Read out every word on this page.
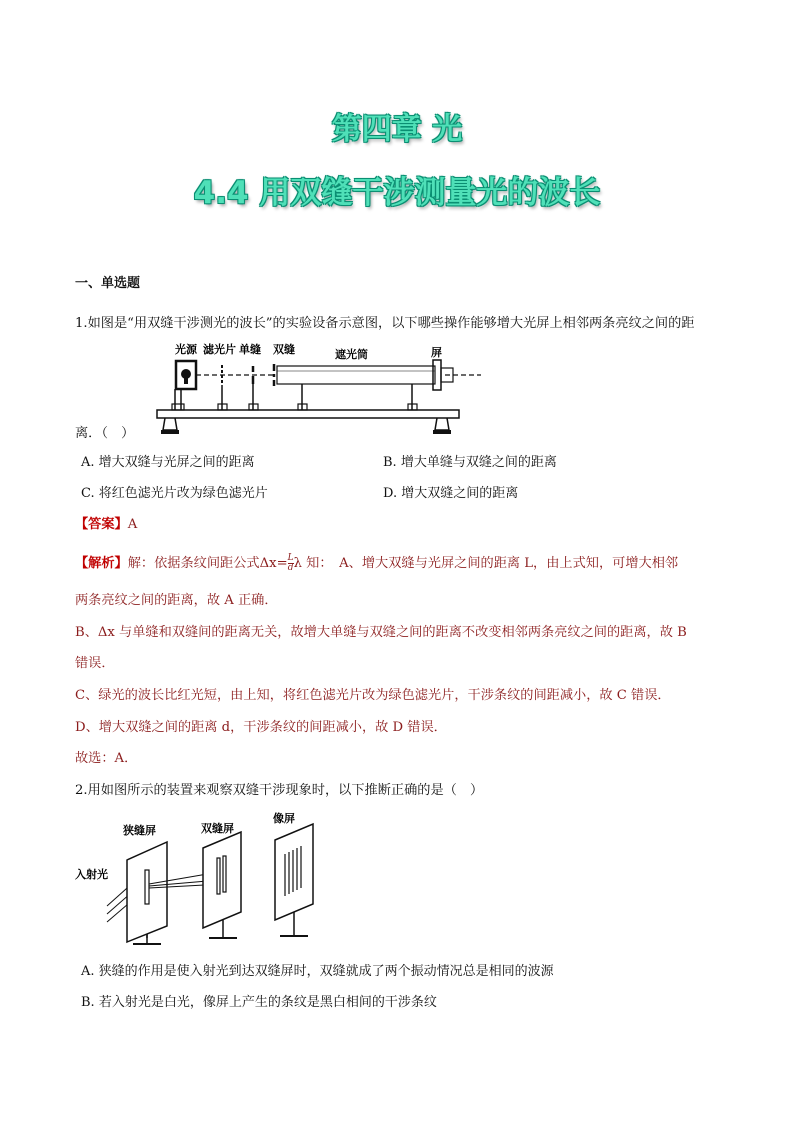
第四章 光
4.4 用双缝干涉测量光的波长
一、单选题
1.如图是“用双缝干涉测光的波长”的实验设备示意图，以下哪些操作能够增大光屏上相邻两条亮纹之间的距
光源 滤光片 单缝 双缝	遮光筒	屏
离．（　）
A. 增大双缝与光屏之间的距离	B. 增大单缝与双缝之间的距离
C. 将红色滤光片改为绿色滤光片	D. 增大双缝之间的距离
【答案】A
【解析】解：依据条纹间距公式$\Delta x= \frac{L}{d}$ λ 知：　A、增大双缝与光屏之间的距离 L，由上式知，可增大相邻
两条亮纹之间的距离，故 A 正确．
B、Δx 与单缝和双缝间的距离无关，故增大单缝与双缝之间的距离不改变相邻两条亮纹之间的距离，故 B
错误．
C、绿光的波长比红光短，由上知，将红色滤光片改为绿色滤光片，干涉条纹的间距减小，故 C 错误．
D、增大双缝之间的距离 d，干涉条纹的间距减小，故 D 错误．
故选：A．
2.用如图所示的装置来观察双缝干涉现象时，以下推断正确的是（　）
狭缝屏	双缝屏
像屏
入射光
A. 狭缝的作用是使入射光到达双缝屏时，双缝就成了两个振动情况总是相同的波源
B. 若入射光是白光，像屏上产生的条纹是黑白相间的干涉条纹
